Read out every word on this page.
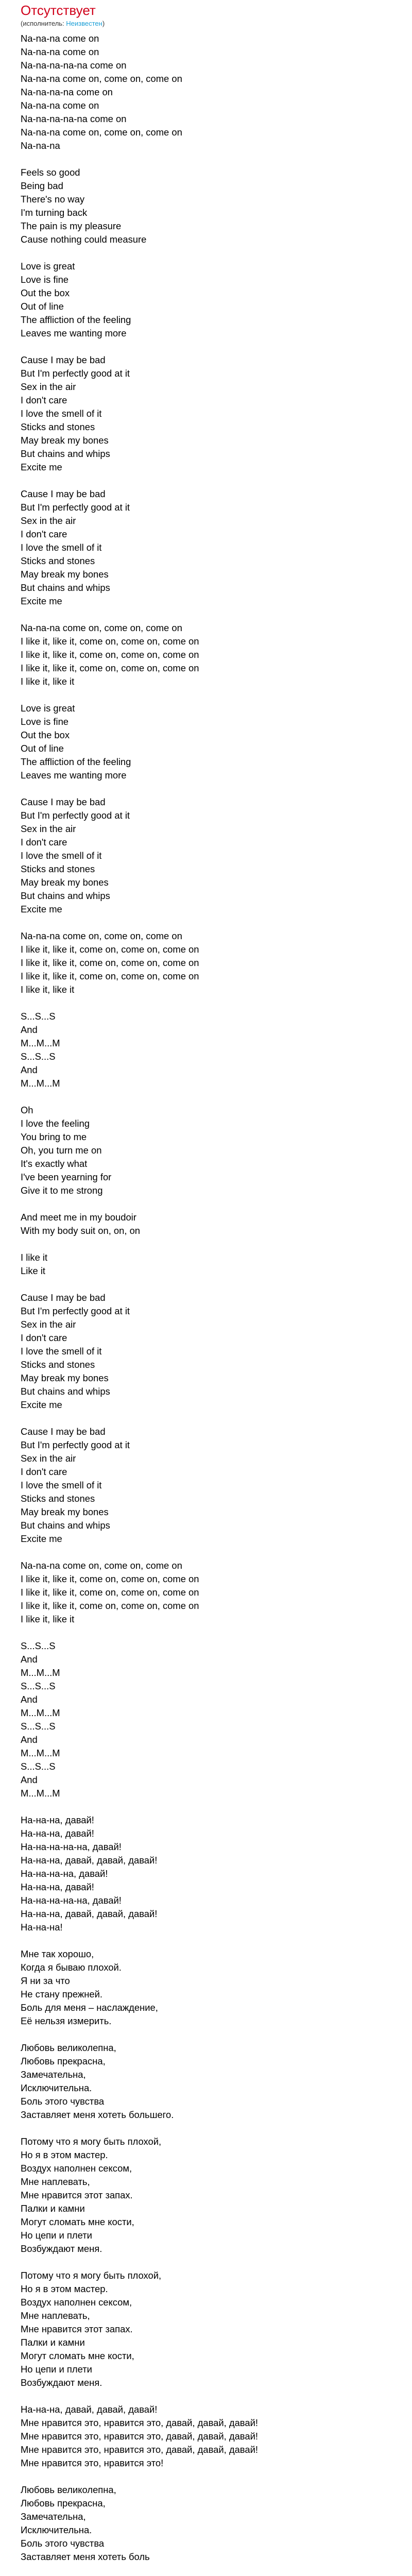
Отсутствует
(исполнитель: Неизвестен)
Na-na-na come on
Na-na-na come on
Na-na-na-na-na come on
Na-na-na come on, come on, come on
Na-na-na-na come on
Na-na-na come on
Na-na-na-na-na come on
Na-na-na come on, come on, come on
Na-na-na
Feels so good
Being bad
There's no way
I'm turning back
The pain is my pleasure
Cause nothing could measure
Love is great
Love is fine
Out the box
Out of line
The affliction of the feeling
Leaves me wanting more
Cause I may be bad
But I'm perfectly good at it
Sex in the air
I don't care
I love the smell of it
Sticks and stones
May break my bones
But chains and whips
Excite me
Cause I may be bad
But I'm perfectly good at it
Sex in the air
I don't care
I love the smell of it
Sticks and stones
May break my bones
But chains and whips
Excite me
Na-na-na come on, come on, come on
I like it, like it, come on, come on, come on
I like it, like it, come on, come on, come on
I like it, like it, come on, come on, come on
I like it, like it
Love is great
Love is fine
Out the box
Out of line
The affliction of the feeling
Leaves me wanting more
Cause I may be bad
But I'm perfectly good at it
Sex in the air
I don't care
I love the smell of it
Sticks and stones
May break my bones
But chains and whips
Excite me
Na-na-na come on, come on, come on
I like it, like it, come on, come on, come on
I like it, like it, come on, come on, come on
I like it, like it, come on, come on, come on
I like it, like it
S...S...S
And
M...M...M
S...S...S
And
M...M...M
Oh
I love the feeling
You bring to me
Oh, you turn me on
It's exactly what
I've been yearning for
Give it to me strong
And meet me in my boudoir
With my body suit on, on, on
I like it
Like it
Cause I may be bad
But I'm perfectly good at it
Sex in the air
I don't care
I love the smell of it
Sticks and stones
May break my bones
But chains and whips
Excite me
Cause I may be bad
But I'm perfectly good at it
Sex in the air
I don't care
I love the smell of it
Sticks and stones
May break my bones
But chains and whips
Excite me
Na-na-na come on, come on, come on
I like it, like it, come on, come on, come on
I like it, like it, come on, come on, come on
I like it, like it, come on, come on, come on
I like it, like it
S...S...S
And
M...M...M
S...S...S
And
M...M...M
S...S...S
And
M...M...M
S...S...S
And
M...M...M
На-на-на, давай!
На-на-на, давай!
На-на-на-на-на, давай!
На-на-на, давай, давай, давай!
На-на-на-на, давай!
На-на-на, давай!
На-на-на-на-на, давай!
На-на-на, давай, давай, давай!
На-на-на!
Мне так хорошо,
Когда я бываю плохой.
Я ни за что
Не стану прежней.
Боль для меня – наслаждение,
Её нельзя измерить.
Любовь великолепна,
Любовь прекрасна,
Замечательна,
Исключительна.
Боль этого чувства
Заставляет меня хотеть большего.
Потому что я могу быть плохой,
Но я в этом мастер.
Воздух наполнен сексом,
Мне наплевать,
Мне нравится этот запах.
Палки и камни
Могут сломать мне кости,
Но цепи и плети
Возбуждают меня.
Потому что я могу быть плохой,
Но я в этом мастер.
Воздух наполнен сексом,
Мне наплевать,
Мне нравится этот запах.
Палки и камни
Могут сломать мне кости,
Но цепи и плети
Возбуждают меня.
На-на-на, давай, давай, давай!
Мне нравится это, нравится это, давай, давай, давай!
Мне нравится это, нравится это, давай, давай, давай!
Мне нравится это, нравится это, давай, давай, давай!
Мне нравится это, нравится это!
Любовь великолепна,
Любовь прекрасна,
Замечательна,
Исключительна.
Боль этого чувства
Заставляет меня хотеть боль
